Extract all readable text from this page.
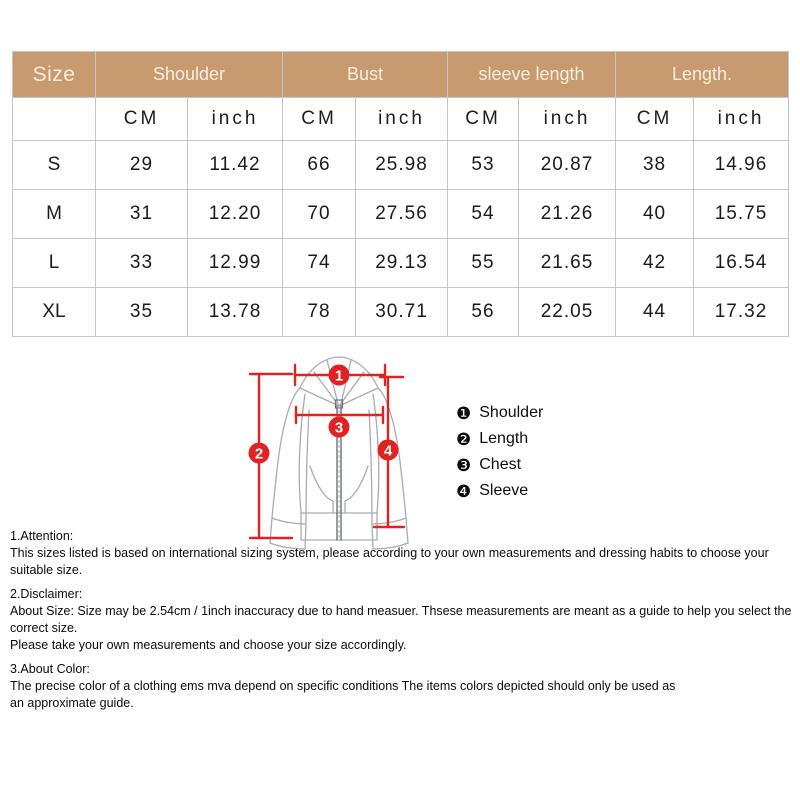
Size	Shoulder		Bust		sleeve length		Length.	
	CM	inch	CM	inch	CM	inch	CM	inch
S	29	11.42	66	25.98	53	20.87	38	14.96
M	31	12.20	70	27.56	54	21.26	40	15.75
L	33	12.99	74	29.13	55	21.65	42	16.54
XL	35	13.78	78	30.71	56	22.05	44	17.32
1
2
3
4
❶ Shoulder
❷ Length
❸ Chest
❹ Sleeve
1.Attention:
This sizes listed is based on international sizing system, please according to your own measurements and dressing habits to choose your suitable size.
2.Disclaimer:
About Size: Size may be 2.54cm / 1inch inaccuracy due to hand measuer. Thsese measurements are meant as a guide to help you select the correct size.
Please take your own measurements and choose your size accordingly.
3.About Color:
The precise color of a clothing ems mva depend on specific conditions The items colors depicted should only be used as
an approximate guide.
